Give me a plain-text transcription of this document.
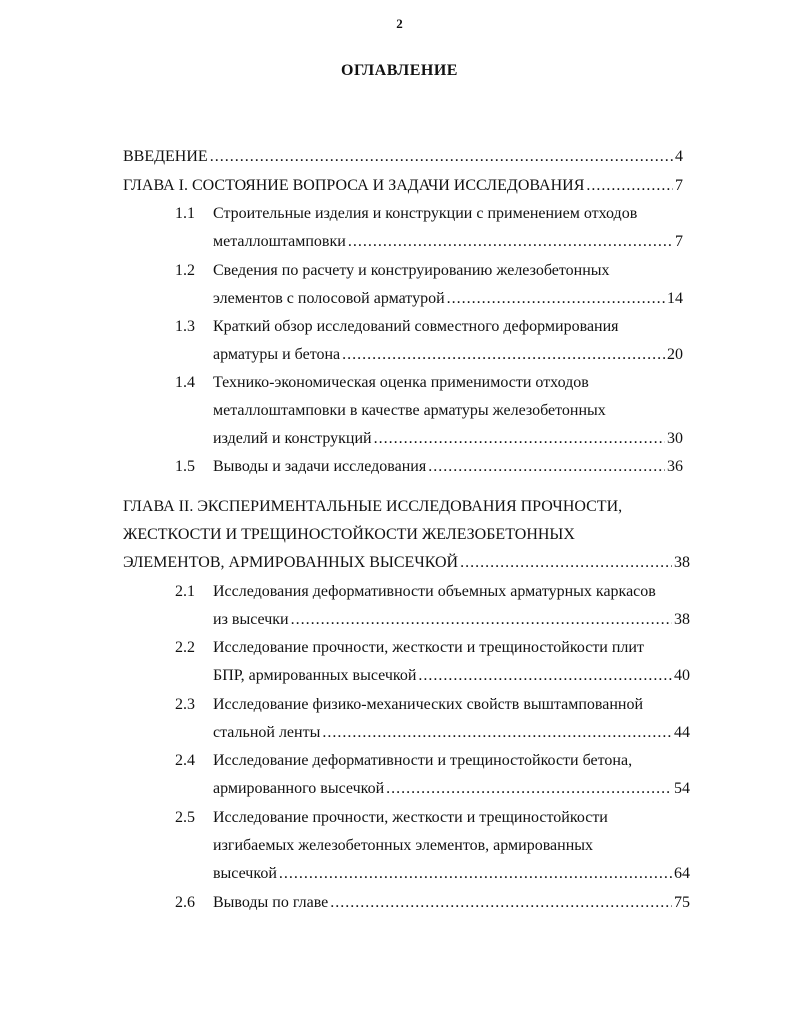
2
ОГЛАВЛЕНИЕ
ВВЕДЕНИЕ .....	4
ГЛАВА I. СОСТОЯНИЕ ВОПРОСА И ЗАДАЧИ ИССЛЕДОВАНИЯ .....	7
1.1 Строительные изделия и конструкции с применением отходов
металлоштамповки .....	7
1.2 Сведения по расчету и конструированию железобетонных
элементов с полосовой арматурой .....	14
1.3 Краткий обзор исследований совместного деформирования
арматуры и бетона .....	20
1.4 Технико-экономическая оценка применимости отходов
металлоштамповки в качестве арматуры железобетонных
изделий и конструкций .....	30
1.5 Выводы и задачи исследования .....	36
ГЛАВА II. ЭКСПЕРИМЕНТАЛЬНЫЕ ИССЛЕДОВАНИЯ ПРОЧНОСТИ,
ЖЕСТКОСТИ И ТРЕЩИНОСТОЙКОСТИ ЖЕЛЕЗОБЕТОННЫХ
ЭЛЕМЕНТОВ, АРМИРОВАННЫХ ВЫСЕЧКОЙ .....	38
2.1 Исследования деформативности объемных арматурных каркасов
из высечки .....	38
2.2 Исследование прочности, жесткости и трещиностойкости плит
БПР, армированных высечкой .....	40
2.3 Исследование физико-механических свойств выштампованной
стальной ленты .....	44
2.4 Исследование деформативности и трещиностойкости бетона,
армированного высечкой .....	54
2.5 Исследование прочности, жесткости и трещиностойкости
изгибаемых железобетонных элементов, армированных
высечкой .....	64
2.6 Выводы по главе .....	75
